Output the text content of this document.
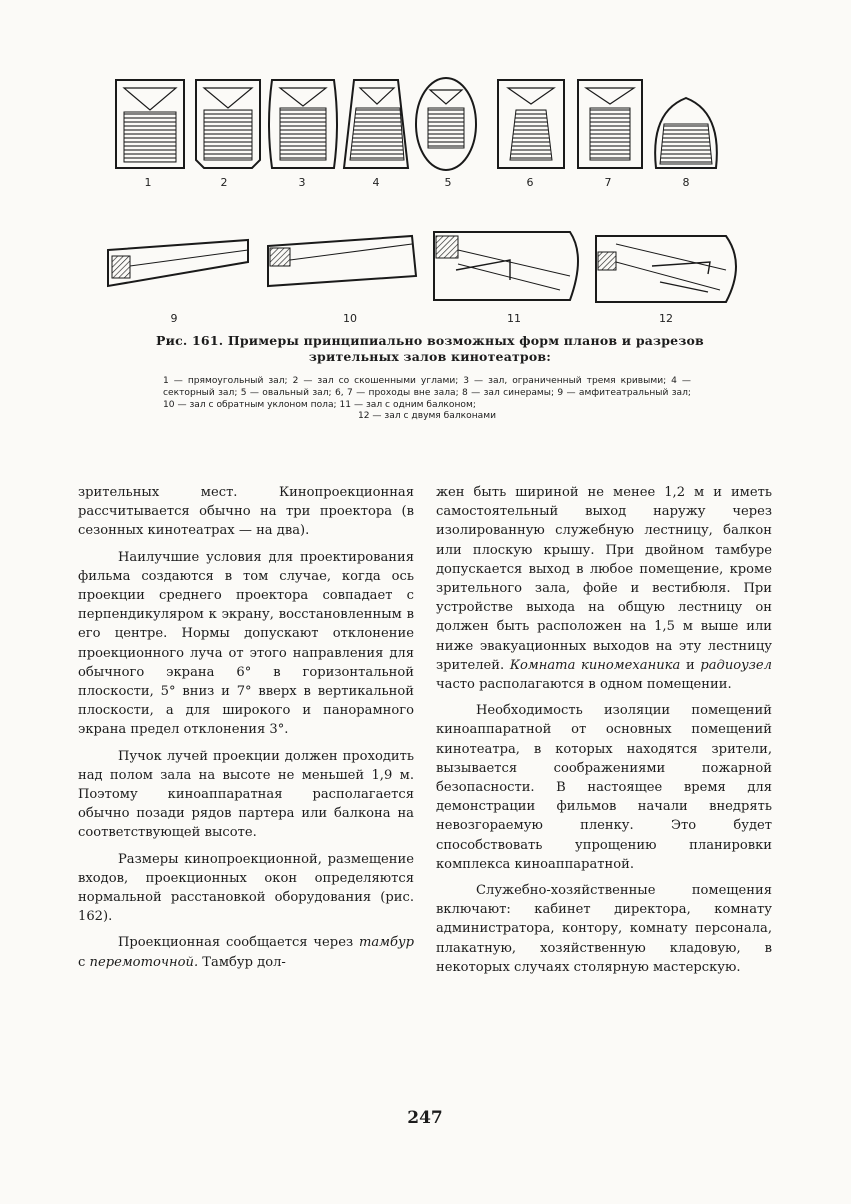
1	2	3	4	5	6	7	8
9	10	11	12
Рис. 161. Примеры принципиально возможных форм планов и разрезов зрительных залов кинотеатров:
1 — прямоугольный зал; 2 — зал со скошенными углами; 3 — зал, ограниченный тремя кривыми; 4 — секторный зал; 5 — овальный зал; 6, 7 — проходы вне зала; 8 — зал синерамы; 9 — амфитеатральный зал; 10 — зал с обратным уклоном пола; 11 — зал с одним балконом;
12 — зал с двумя балконами

зрительных мест. Кинопроекционная рассчитывается обычно на три проектора (в сезонных кинотеатрах — на два).

Наилучшие условия для проектирования фильма создаются в том случае, когда ось проекции среднего проектора совпадает с перпендикуляром к экрану, восстановленным в его центре. Нормы допускают отклонение проекционного луча от этого направления для обычного экрана 6° в горизонтальной плоскости, 5° вниз и 7° вверх в вертикальной плоскости, а для широкого и панорамного экрана предел отклонения 3°.

Пучок лучей проекции должен проходить над полом зала на высоте не меньшей 1,9 м. Поэтому киноаппаратная располагается обычно позади рядов партера или балкона на соответствующей высоте.

Размеры кинопроекционной, размещение входов, проекционных окон определяются нормальной расстановкой оборудования (рис. 162).

Проекционная сообщается через тамбур с перемоточной. Тамбур дол-

жен быть шириной не менее 1,2 м и иметь самостоятельный выход наружу через изолированную служебную лестницу, балкон или плоскую крышу. При двойном тамбуре допускается выход в любое помещение, кроме зрительного зала, фойе и вестибюля. При устройстве выхода на общую лестницу он должен быть расположен на 1,5 м выше или ниже эвакуационных выходов на эту лестницу зрителей. Комната киномеханика и радиоузел часто располагаются в одном помещении.

Необходимость изоляции помещений киноаппаратной от основных помещений кинотеатра, в которых находятся зрители, вызывается соображениями пожарной безопасности. В настоящее время для демонстрации фильмов начали внедрять невозгораемую пленку. Это будет способствовать упрощению планировки комплекса киноаппаратной.

Служебно-хозяйственные помещения включают: кабинет директора, комнату администратора, контору, комнату персонала, плакатную, хозяйственную кладовую, в некоторых случаях столярную мастерскую.

247
